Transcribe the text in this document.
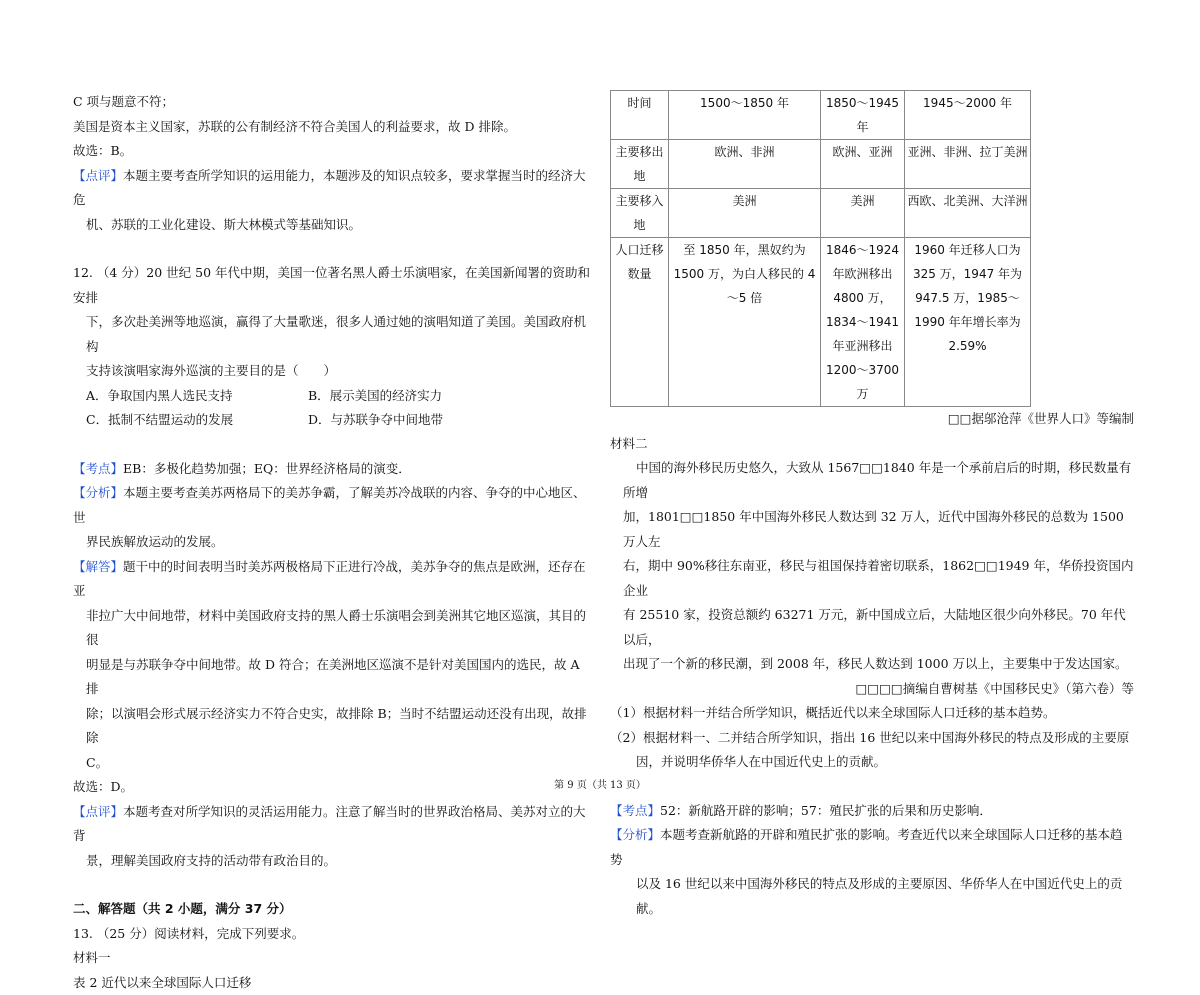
C 项与题意不符；

美国是资本主义国家，苏联的公有制经济不符合美国人的利益要求，故 D 排除。

故选：B。

【点评】本题主要考查所学知识的运用能力，本题涉及的知识点较多，要求掌握当时的经济大危

机、苏联的工业化建设、斯大林模式等基础知识。

12. （4 分）20 世纪 50 年代中期，美国一位著名黑人爵士乐演唱家，在美国新闻署的资助和安排

下，多次赴美洲等地巡演，赢得了大量歌迷，很多人通过她的演唱知道了美国。美国政府机构

支持该演唱家海外巡演的主要目的是（　　）

A．争取国内黑人选民支持	B．展示美国的经济实力
C．抵制不结盟运动的发展	D．与苏联争夺中间地带

【考点】EB：多极化趋势加强；EQ：世界经济格局的演变．

【分析】本题主要考查美苏两格局下的美苏争霸，了解美苏冷战联的内容、争夺的中心地区、世

界民族解放运动的发展。

【解答】题干中的时间表明当时美苏两极格局下正进行冷战，美苏争夺的焦点是欧洲，还存在亚

非拉广大中间地带，材料中美国政府支持的黑人爵士乐演唱会到美洲其它地区巡演，其目的很

明显是与苏联争夺中间地带。故 D 符合；在美洲地区巡演不是针对美国国内的选民，故 A 排

除；以演唱会形式展示经济实力不符合史实，故排除 B；当时不结盟运动还没有出现，故排除

C。

故选：D。

【点评】本题考查对所学知识的灵活运用能力。注意了解当时的世界政治格局、美苏对立的大背

景，理解美国政府支持的活动带有政治目的。

二、解答题（共 2 小题，满分 37 分）

13. （25 分）阅读材料，完成下列要求。

材料一

表 2 近代以来全球国际人口迁移

时间	1500～1850 年	1850～1945 年	1945～2000 年
主要移出地	欧洲、非洲	欧洲、亚洲	亚洲、非洲、拉丁美洲
主要移入地	美洲	美洲	西欧、北美洲、大洋洲
人口迁移数量	至 1850 年，黑奴约为 1500 万，为白人移民的 4～5 倍	1846～1924 年欧洲移出 4800 万，1834～1941 年亚洲移出 1200～3700 万	1960 年迁移人口为 325 万，1947 年为 947.5 万，1985～1990 年年增长率为 2.59%

□□据邬沧萍《世界人口》等编制

材料二

中国的海外移民历史悠久，大致从 1567□□1840 年是一个承前启后的时期，移民数量有所增

加，1801□□1850 年中国海外移民人数达到 32 万人，近代中国海外移民的总数为 1500 万人左

右，期中 90%移往东南亚，移民与祖国保持着密切联系，1862□□1949 年，华侨投资国内企业

有 25510 家，投资总额约 63271 万元，新中国成立后，大陆地区很少向外移民。70 年代以后，

出现了一个新的移民潮，到 2008 年，移民人数达到 1000 万以上，主要集中于发达国家。

□□□□摘编自曹树基《中国移民史》（第六卷）等

（1）根据材料一并结合所学知识，概括近代以来全球国际人口迁移的基本趋势。

（2）根据材料一、二并结合所学知识，指出 16 世纪以来中国海外移民的特点及形成的主要原

因，并说明华侨华人在中国近代史上的贡献。

【考点】52：新航路开辟的影响；57：殖民扩张的后果和历史影响．

【分析】本题考查新航路的开辟和殖民扩张的影响。考查近代以来全球国际人口迁移的基本趋势

以及 16 世纪以来中国海外移民的特点及形成的主要原因、华侨华人在中国近代史上的贡献。

第 9 页（共 13 页）
